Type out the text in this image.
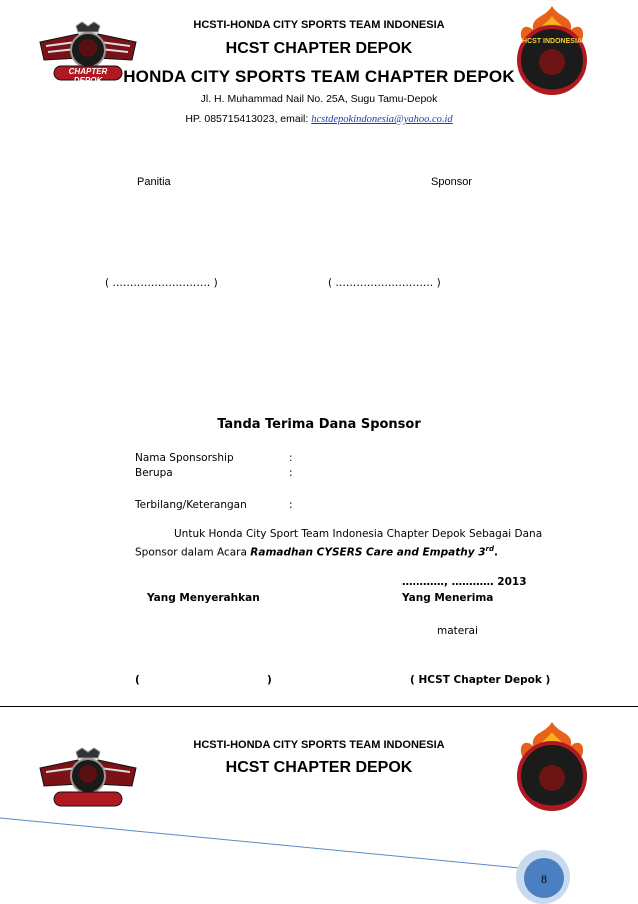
CHAPTER DEPOK
HCST INDONESIA
HCSTI-HONDA CITY SPORTS TEAM INDONESIA
HCST CHAPTER DEPOK
HONDA CITY SPORTS TEAM CHAPTER DEPOK
Jl. H. Muhammad Nail No. 25A, Sugu Tamu-Depok
HP. 085715413023, email: hcstdepokindonesia@yahoo.co.id
Panitia	Sponsor
( ………………………. )	( ………………………. )
Tanda Terima Dana Sponsor
Nama Sponsorship	:
Berupa	:
Terbilang/Keterangan	:
Untuk Honda City Sport Team Indonesia Chapter Depok Sebagai Dana
Sponsor dalam Acara Ramadhan CYSERS Care and Empathy 3rd.
…………, ………… 2013
Yang Menyerahkan	Yang Menerima
materai
(	)	( HCST Chapter Depok )
HCSTI-HONDA CITY SPORTS TEAM INDONESIA
HCST CHAPTER DEPOK
8
